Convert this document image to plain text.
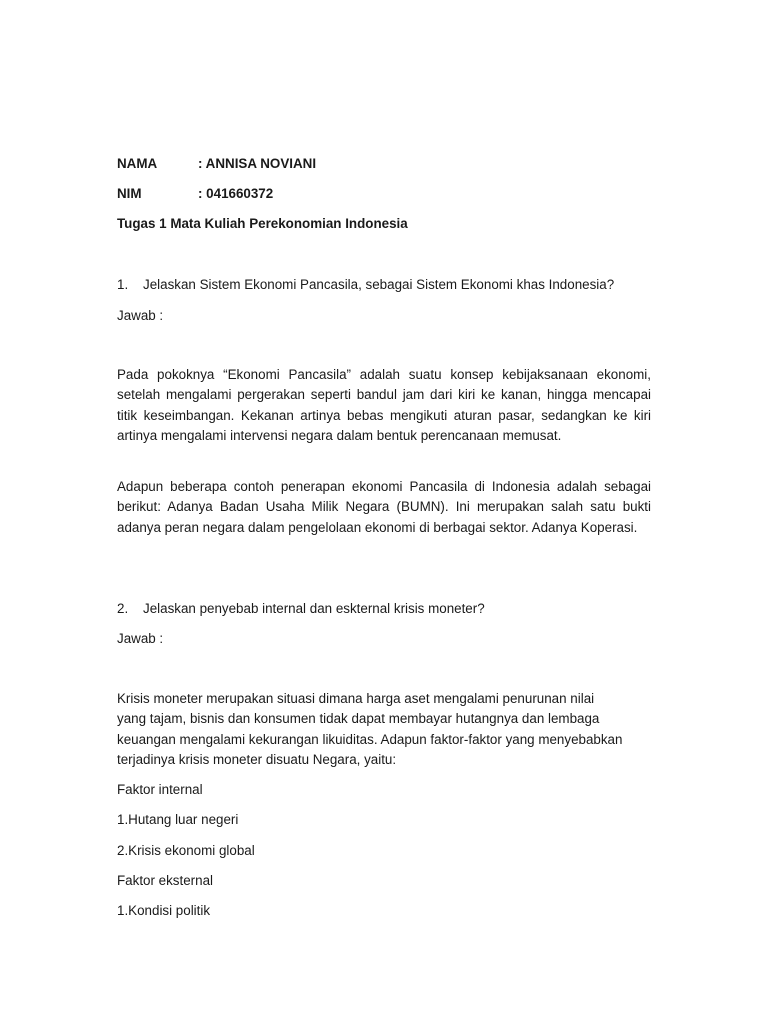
NAMA	: ANNISA NOVIANI
NIM	: 041660372
Tugas 1 Mata Kuliah Perekonomian Indonesia
1. Jelaskan Sistem Ekonomi Pancasila, sebagai Sistem Ekonomi khas Indonesia?
Jawab :

Pada pokoknya “Ekonomi Pancasila” adalah suatu konsep kebijaksanaan ekonomi, setelah mengalami pergerakan seperti bandul jam dari kiri ke kanan, hingga mencapai titik keseimbangan. Kekanan artinya bebas mengikuti aturan pasar, sedangkan ke kiri artinya mengalami intervensi negara dalam bentuk perencanaan memusat.

Adapun beberapa contoh penerapan ekonomi Pancasila di Indonesia adalah sebagai berikut: Adanya Badan Usaha Milik Negara (BUMN). Ini merupakan salah satu bukti adanya peran negara dalam pengelolaan ekonomi di berbagai sektor. Adanya Koperasi.

2. Jelaskan penyebab internal dan eskternal krisis moneter?
Jawab :
Krisis moneter merupakan situasi dimana harga aset mengalami penurunan nilai
yang tajam, bisnis dan konsumen tidak dapat membayar hutangnya dan lembaga
keuangan mengalami kekurangan likuiditas. Adapun faktor-faktor yang menyebabkan
terjadinya krisis moneter disuatu Negara, yaitu:
Faktor internal
1.Hutang luar negeri
2.Krisis ekonomi global
Faktor eksternal
1.Kondisi politik
